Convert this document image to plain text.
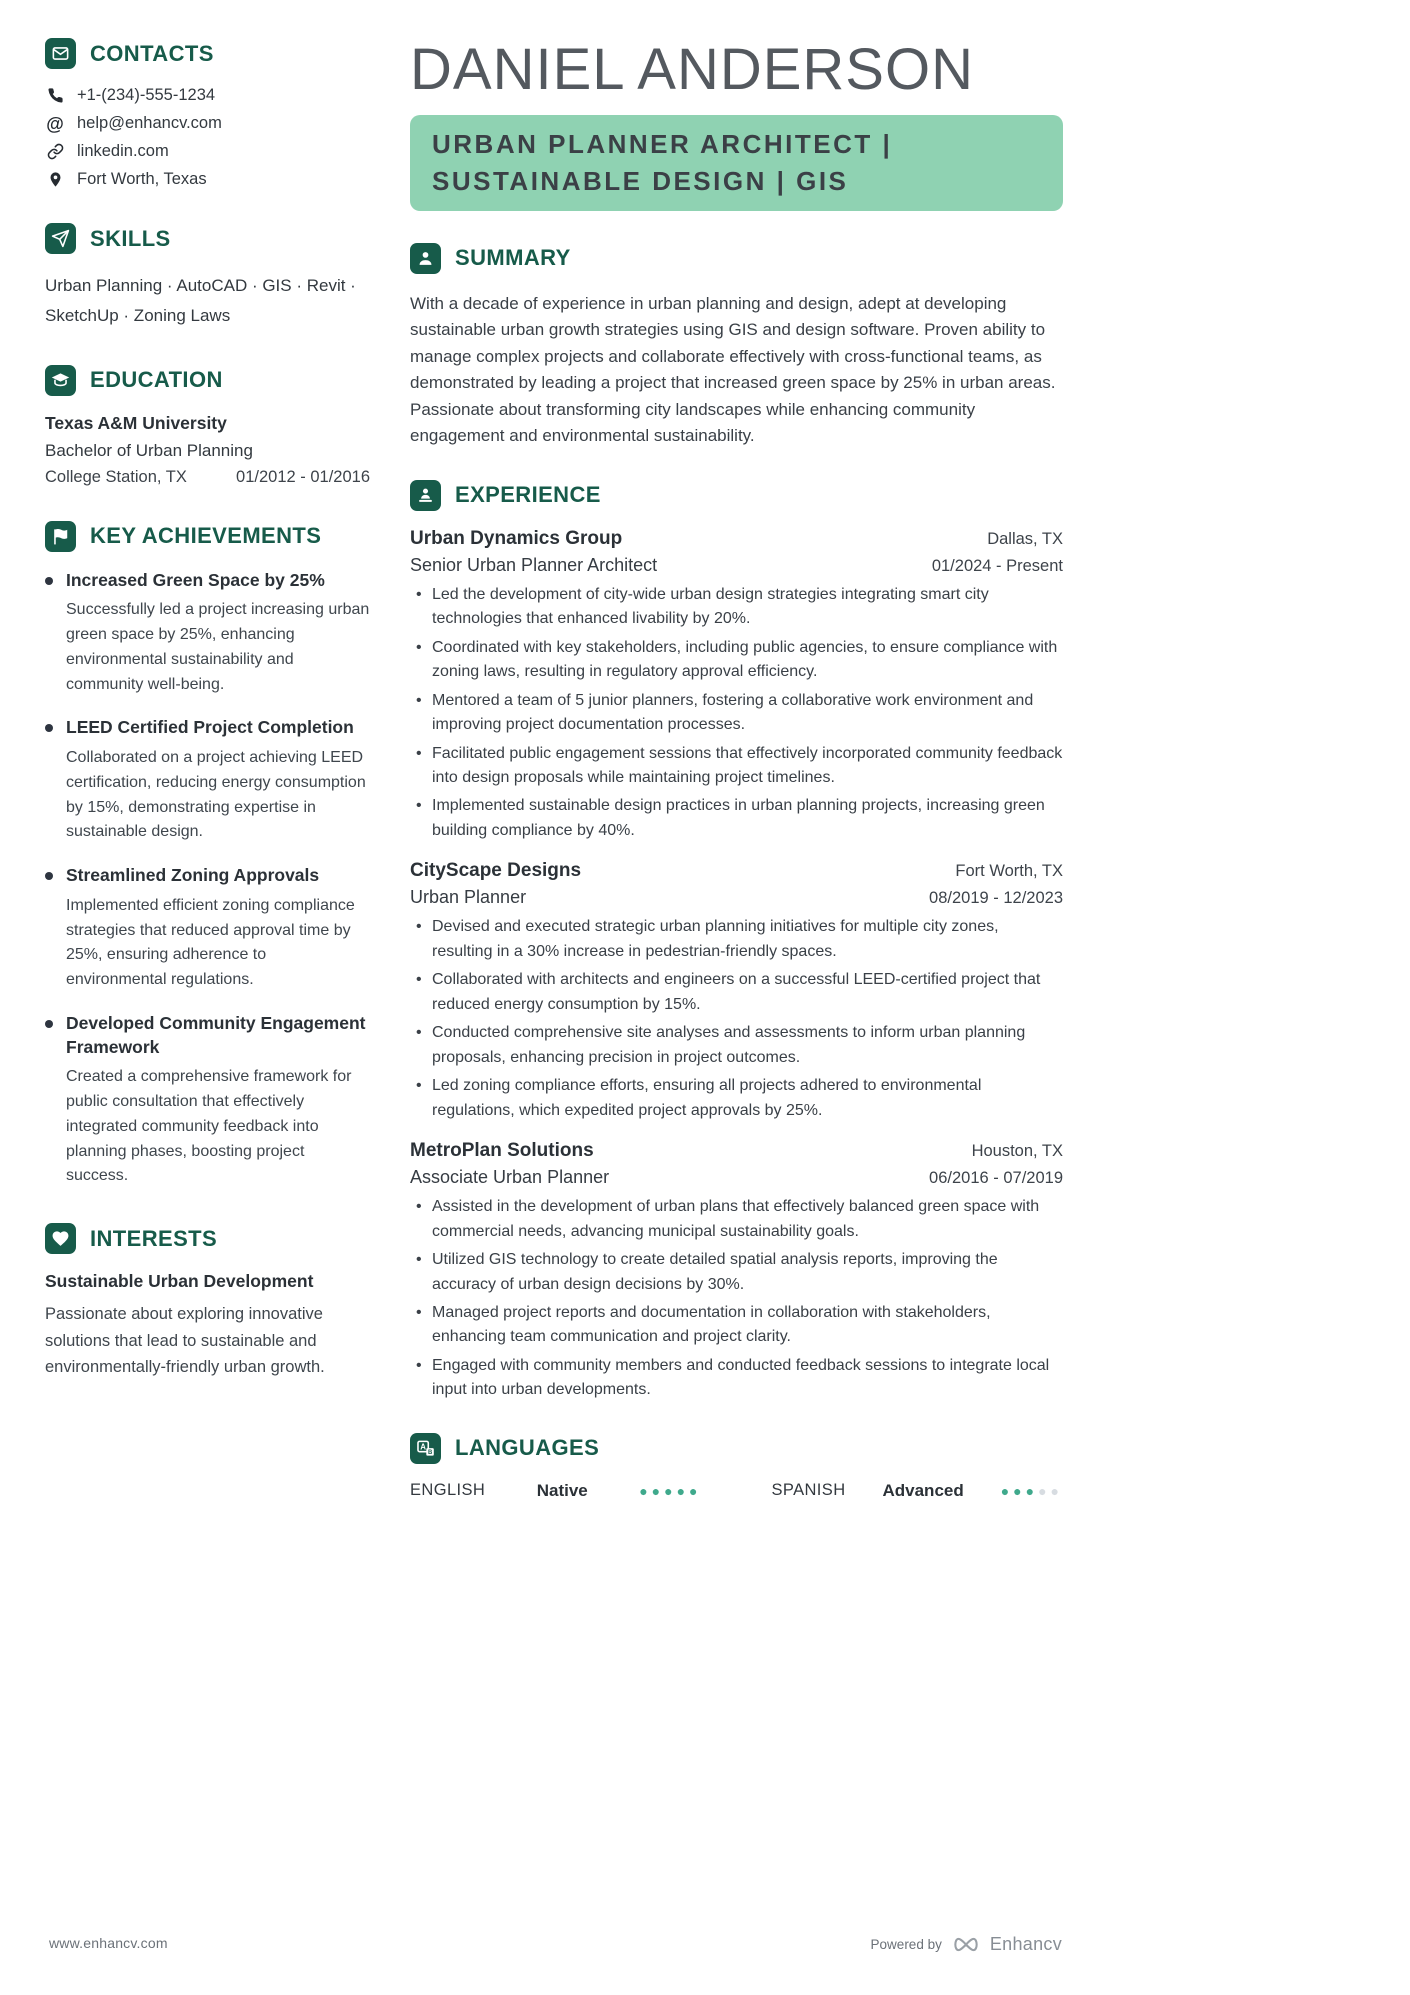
CONTACTS
+1-(234)-555-1234
@ help@enhancv.com
linkedin.com
Fort Worth, Texas
SKILLS

Urban Planning · AutoCAD · GIS · Revit · SketchUp · Zoning Laws

EDUCATION
Texas A&M University
Bachelor of Urban Planning
College Station, TX	01/2012 - 01/2016
KEY ACHIEVEMENTS
Increased Green Space by 25%
Successfully led a project increasing urban green space by 25%, enhancing environmental sustainability and community well-being.
LEED Certified Project Completion
Collaborated on a project achieving LEED certification, reducing energy consumption by 15%, demonstrating expertise in sustainable design.
Streamlined Zoning Approvals
Implemented efficient zoning compliance strategies that reduced approval time by 25%, ensuring adherence to environmental regulations.
Developed Community Engagement Framework
Created a comprehensive framework for public consultation that effectively integrated community feedback into planning phases, boosting project success.
INTERESTS
Sustainable Urban Development

Passionate about exploring innovative solutions that lead to sustainable and environmentally-friendly urban growth.

DANIEL ANDERSON
URBAN PLANNER ARCHITECT |
SUSTAINABLE DESIGN | GIS
SUMMARY

With a decade of experience in urban planning and design, adept at developing sustainable urban growth strategies using GIS and design software. Proven ability to manage complex projects and collaborate effectively with cross-functional teams, as demonstrated by leading a project that increased green space by 25% in urban areas. Passionate about transforming city landscapes while enhancing community engagement and environmental sustainability.

EXPERIENCE
Urban Dynamics Group	Dallas, TX
Senior Urban Planner Architect	01/2024 - Present
• Led the development of city-wide urban design strategies integrating smart city technologies that enhanced livability by 20%.
• Coordinated with key stakeholders, including public agencies, to ensure compliance with zoning laws, resulting in regulatory approval efficiency.
• Mentored a team of 5 junior planners, fostering a collaborative work environment and improving project documentation processes.
• Facilitated public engagement sessions that effectively incorporated community feedback into design proposals while maintaining project timelines.
• Implemented sustainable design practices in urban planning projects, increasing green building compliance by 40%.
CityScape Designs	Fort Worth, TX
Urban Planner	08/2019 - 12/2023
• Devised and executed strategic urban planning initiatives for multiple city zones, resulting in a 30% increase in pedestrian-friendly spaces.
• Collaborated with architects and engineers on a successful LEED-certified project that reduced energy consumption by 15%.
• Conducted comprehensive site analyses and assessments to inform urban planning proposals, enhancing precision in project outcomes.
• Led zoning compliance efforts, ensuring all projects adhered to environmental regulations, which expedited project approvals by 25%.
MetroPlan Solutions	Houston, TX
Associate Urban Planner	06/2016 - 07/2019
• Assisted in the development of urban plans that effectively balanced green space with commercial needs, advancing municipal sustainability goals.
• Utilized GIS technology to create detailed spatial analysis reports, improving the accuracy of urban design decisions by 30%.
• Managed project reports and documentation in collaboration with stakeholders, enhancing team communication and project clarity.
• Engaged with community members and conducted feedback sessions to integrate local input into urban developments.
A
B LANGUAGES
ENGLISH	Native	●●●●●	SPANISH Advanced	●●●●●
www.enhancv.com	Powered by	Enhancv
